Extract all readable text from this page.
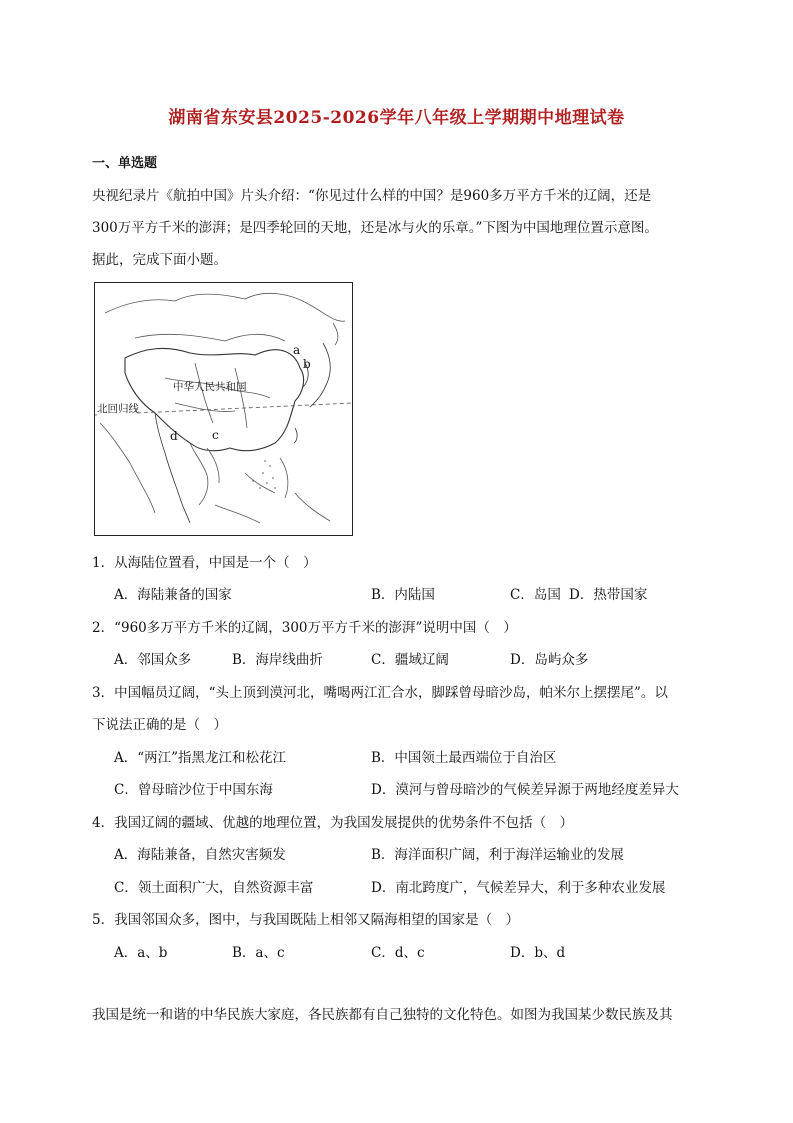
湖南省东安县2025-2026学年八年级上学期期中地理试卷
一、单选题

央视纪录片《航拍中国》片头介绍：“你见过什么样的中国？是960多万平方千米的辽阔，还是

300万平方千米的澎湃；是四季轮回的天地，还是冰与火的乐章。”下图为中国地理位置示意图。

据此，完成下面小题。

中华人民共和国
北回归线
a
b
c
d
1．从海陆位置看，中国是一个（　）
A．海陆兼备的国家	B．内陆国	C．岛国 D．热带国家
2．“960多万平方千米的辽阔，300万平方千米的澎湃”说明中国（　）
A．邻国众多	B．海岸线曲折	C．疆域辽阔	D．岛屿众多
3．中国幅员辽阔，“头上顶到漠河北，嘴喝两江汇合水，脚踩曾母暗沙岛，帕米尔上摆摆尾”。以
下说法正确的是（　）
A．“两江”指黑龙江和松花江	B．中国领土最西端位于自治区
C．曾母暗沙位于中国东海	D．漠河与曾母暗沙的气候差异源于两地经度差异大
4．我国辽阔的疆域、优越的地理位置，为我国发展提供的优势条件不包括（　）
A．海陆兼备，自然灾害频发	B．海洋面积广阔，利于海洋运输业的发展
C．领土面积广大，自然资源丰富	D．南北跨度广，气候差异大，利于多种农业发展
5．我国邻国众多，图中，与我国既陆上相邻又隔海相望的国家是（　）
A．a、b	B．a、c	C．d、c	D．b、d
我国是统一和谐的中华民族大家庭，各民族都有自己独特的文化特色。如图为我国某少数民族及其
